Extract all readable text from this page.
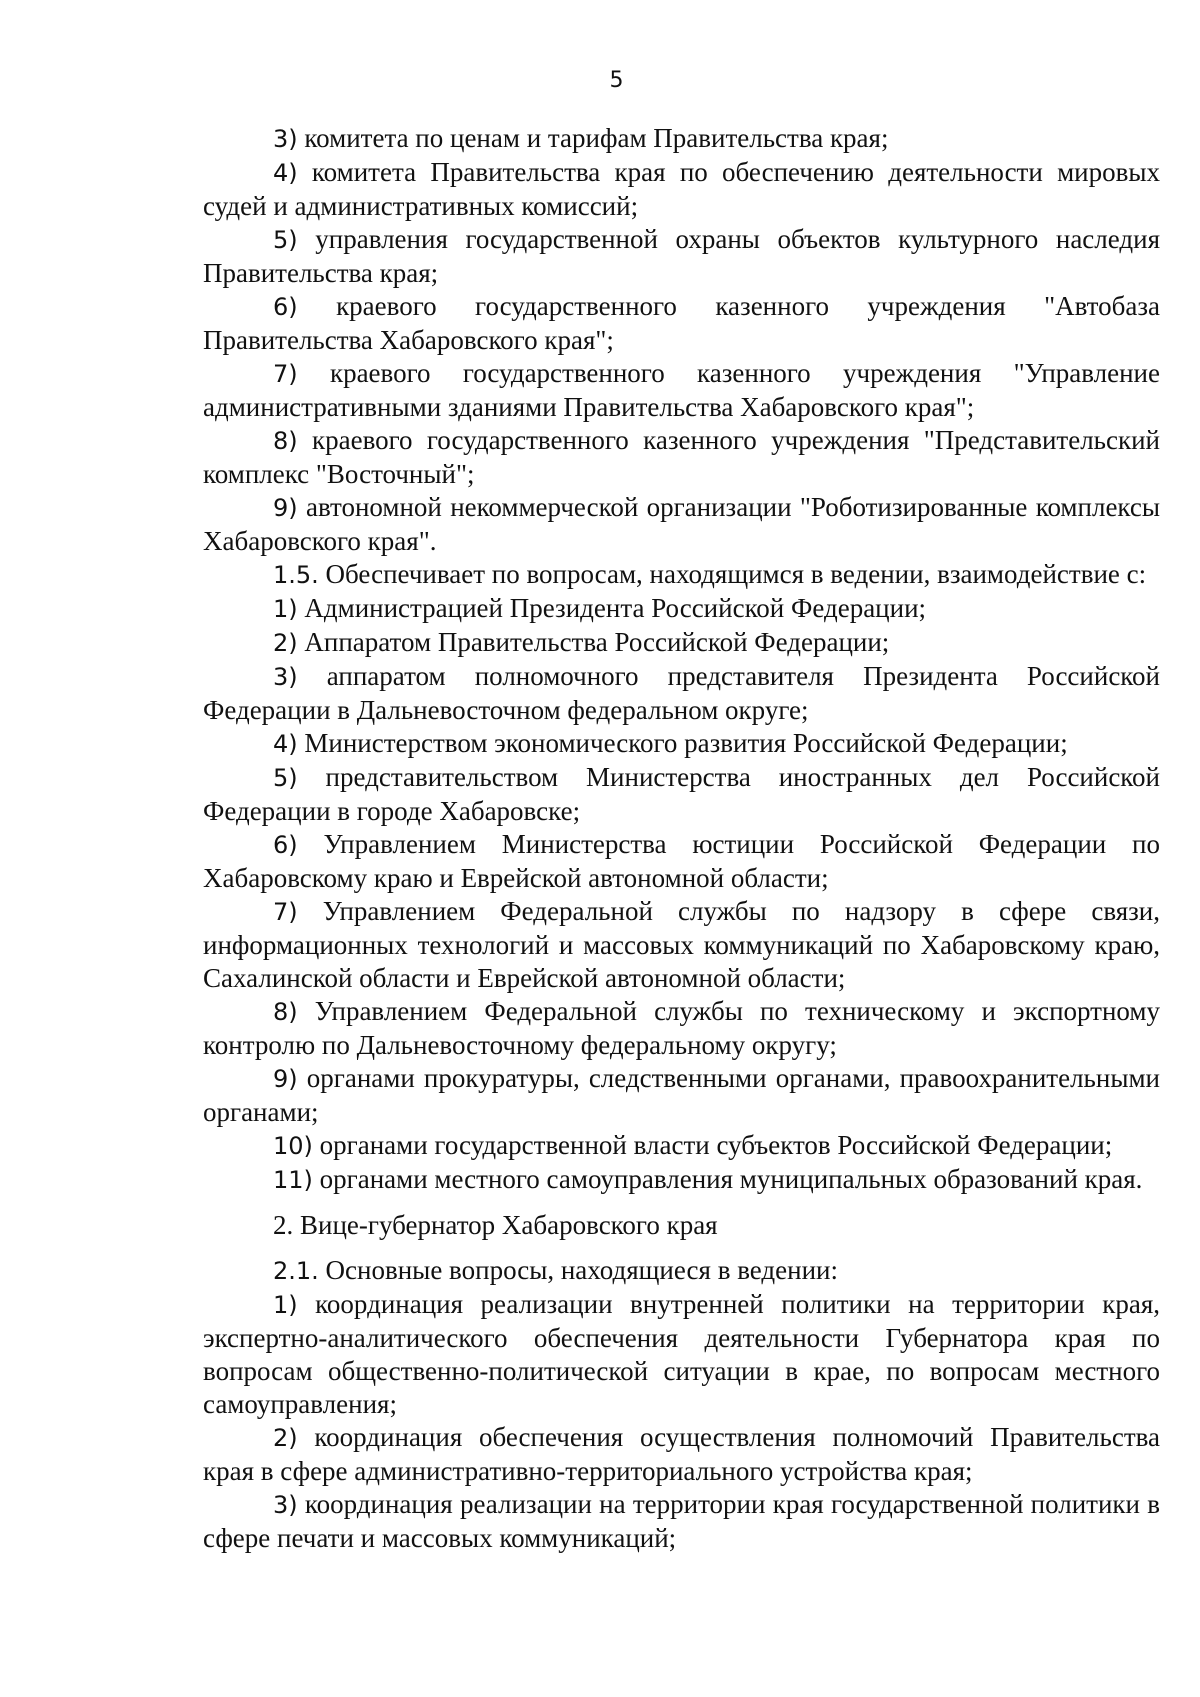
5

3) комитета по ценам и тарифам Правительства края;

4) комитета Правительства края по обеспечению деятельности мировых судей и административных комиссий;

5) управления государственной охраны объектов культурного наследия Правительства края;

6) краевого государственного казенного учреждения "Автобаза Правительства Хабаровского края";

7) краевого государственного казенного учреждения "Управление административными зданиями Правительства Хабаровского края";

8) краевого государственного казенного учреждения "Представительский комплекс "Восточный";

9) автономной некоммерческой организации "Роботизированные комплексы Хабаровского края".

1.5. Обеспечивает по вопросам, находящимся в ведении, взаимодействие с:

1) Администрацией Президента Российской Федерации;

2) Аппаратом Правительства Российской Федерации;

3) аппаратом полномочного представителя Президента Российской Федерации в Дальневосточном федеральном округе;

4) Министерством экономического развития Российской Федерации;

5) представительством Министерства иностранных дел Российской Федерации в городе Хабаровске;

6) Управлением Министерства юстиции Российской Федерации по Хабаровскому краю и Еврейской автономной области;

7) Управлением Федеральной службы по надзору в сфере связи, информационных технологий и массовых коммуникаций по Хабаровскому краю, Сахалинской области и Еврейской автономной области;

8) Управлением Федеральной службы по техническому и экспортному контролю по Дальневосточному федеральному округу;

9) органами прокуратуры, следственными органами, правоохранительными органами;

10) органами государственной власти субъектов Российской Федерации;

11) органами местного самоуправления муниципальных образований края.

2. Вице-губернатор Хабаровского края

2.1. Основные вопросы, находящиеся в ведении:

1) координация реализации внутренней политики на территории края, экспертно-аналитического обеспечения деятельности Губернатора края по вопросам общественно-политической ситуации в крае, по вопросам местного самоуправления;

2) координация обеспечения осуществления полномочий Правительства края в сфере административно-территориального устройства края;

3) координация реализации на территории края государственной политики в сфере печати и массовых коммуникаций;
